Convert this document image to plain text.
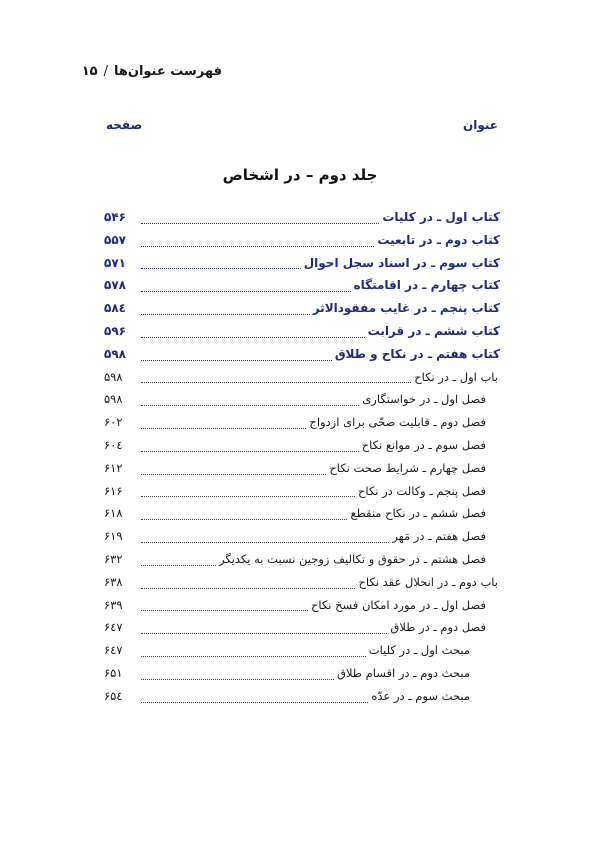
فهرست عنوان‌ها
/
۱۵
عنوان
صفحه
جلد دوم – در اشخاص
کتاب اول ـ در کلیات
۵۴۶
کتاب دوم ـ در تابعیت
۵۵۷
کتاب سوم ـ در اسناد سجل احوال
۵۷۱
کتاب چهارم ـ در اقامتگاه
۵۷۸
کتاب پنجم ـ در غایب مفقودالاثر
۵۸٤
کتاب ششم ـ در قرابت
۵۹۶
کتاب هفتم ـ در نکاح و طلاق
۵۹۸
باب اول ـ در نکاح
۵۹۸
فصل اول ـ در خواستگاری
۵۹۸
فصل دوم ـ قابلیت صحّی برای ازدواج
۶۰۲
فصل سوم ـ در موانع نکاح
۶۰٤
فصل چهارم ـ شرایط صحت نکاح
۶۱۲
فصل پنجم ـ وکالت در نکاح
۶۱۶
فصل ششم ـ در نکاح منقطع
۶۱۸
فصل هفتم ـ در مَهر
۶۱۹
فصل هشتم ـ در حقوق و تکالیف زوجین نسبت به یکدیگر
۶۳۲
باب دوم ـ در انحلال عقد نکاح
۶۳۸
فصل اول ـ در مورد امکان فسخ نکاح
۶۳۹
فصل دوم ـ در طلاق
۶٤۷
مبحث اول ـ در کلیات
۶٤۷
مبحث دوم ـ در اقسام طلاق
۶۵۱
مبحث سوم ـ در عدّه
۶۵٤
